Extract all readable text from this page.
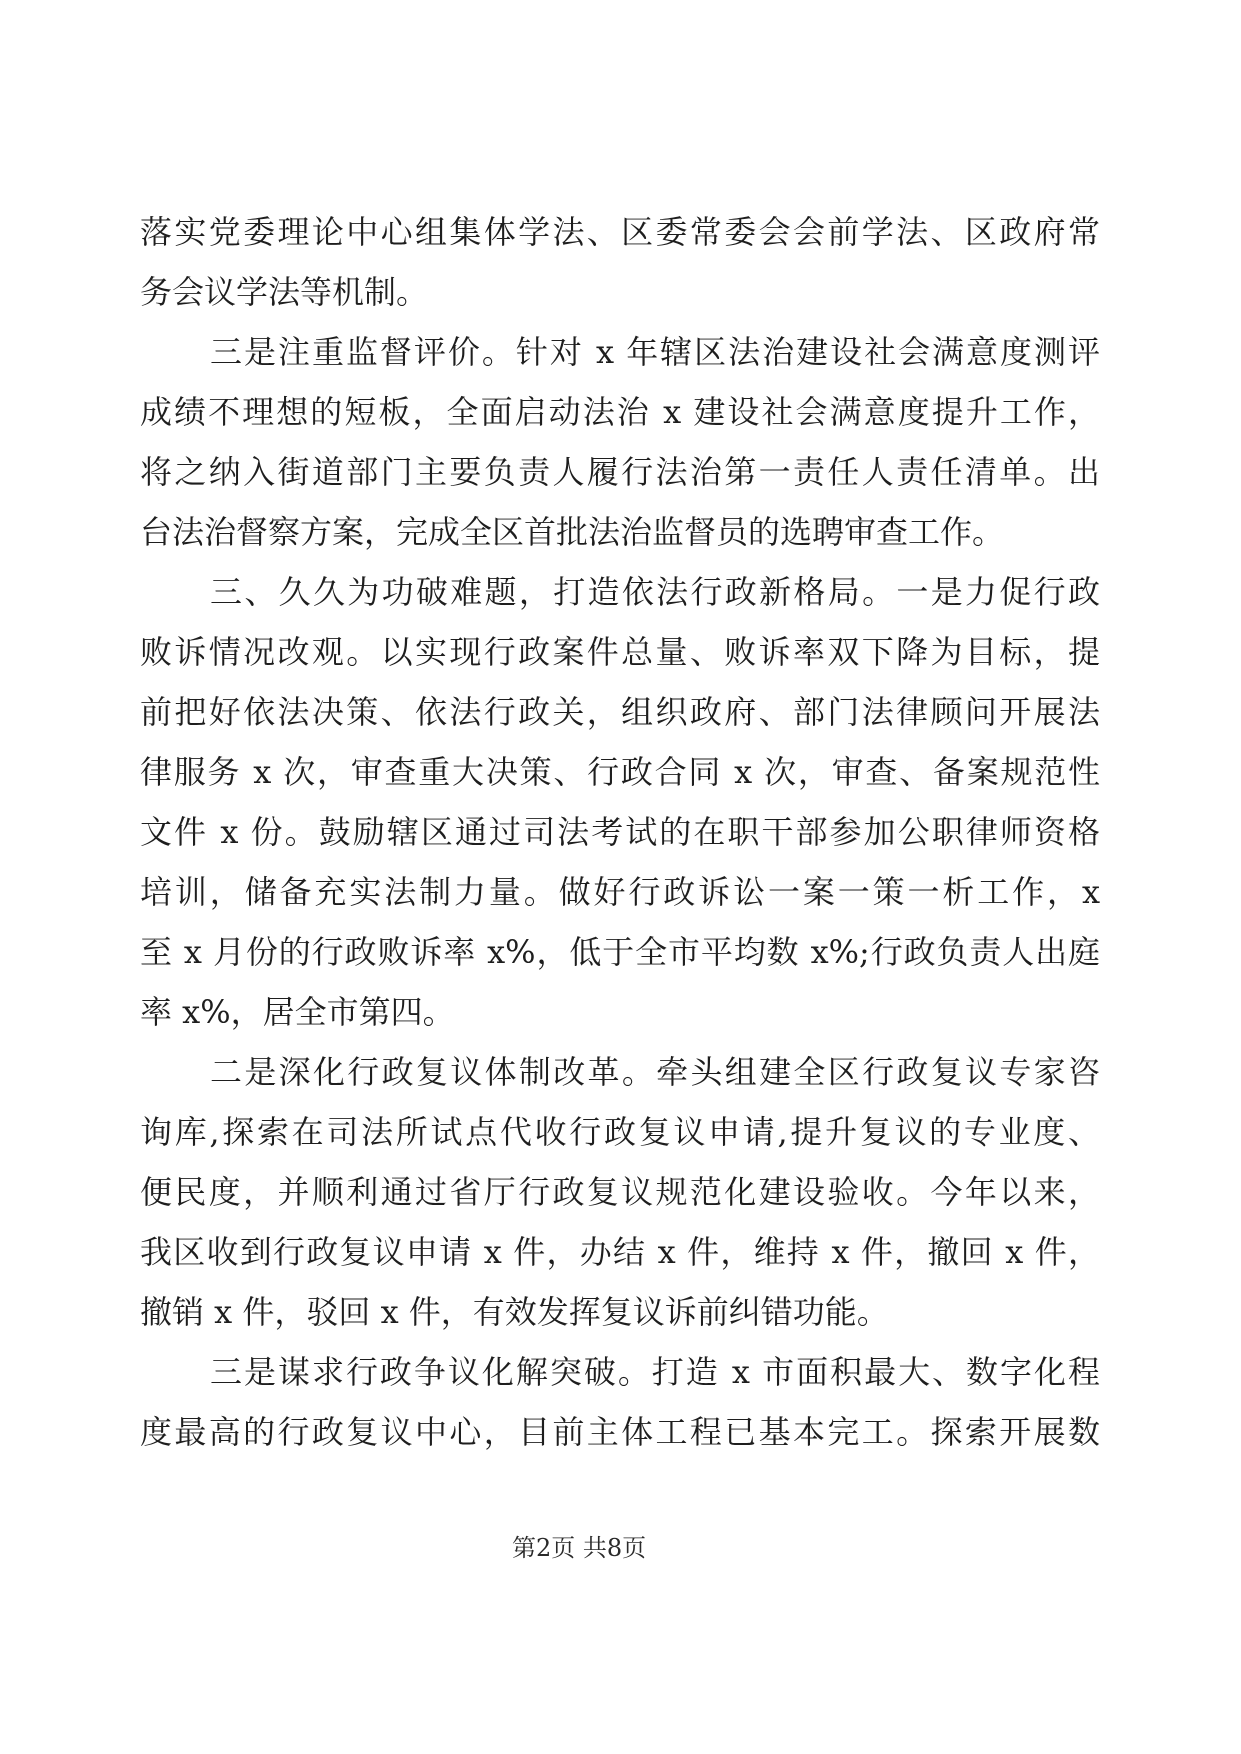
落实党委理论中心组集体学法、区委常委会会前学法、区政府常
务会议学法等机制。
三是注重监督评价。针对 x 年辖区法治建设社会满意度测评
成绩不理想的短板，全面启动法治 x 建设社会满意度提升工作，
将之纳入街道部门主要负责人履行法治第一责任人责任清单。出
台法治督察方案，完成全区首批法治监督员的选聘审查工作。
三、久久为功破难题，打造依法行政新格局。一是力促行政
败诉情况改观。以实现行政案件总量、败诉率双下降为目标，提
前把好依法决策、依法行政关，组织政府、部门法律顾问开展法
律服务 x 次，审查重大决策、行政合同 x 次，审查、备案规范性
文件 x 份。鼓励辖区通过司法考试的在职干部参加公职律师资格
培训，储备充实法制力量。做好行政诉讼一案一策一析工作，x
至 x 月份的行政败诉率 x%，低于全市平均数 x%;行政负责人出庭
率 x%，居全市第四。
二是深化行政复议体制改革。牵头组建全区行政复议专家咨
询库,探索在司法所试点代收行政复议申请,提升复议的专业度、
便民度，并顺利通过省厅行政复议规范化建设验收。今年以来，
我区收到行政复议申请 x 件，办结 x 件，维持 x 件，撤回 x 件，
撤销 x 件，驳回 x 件，有效发挥复议诉前纠错功能。
三是谋求行政争议化解突破。打造 x 市面积最大、数字化程
度最高的行政复议中心，目前主体工程已基本完工。探索开展数
第2页 共8页
